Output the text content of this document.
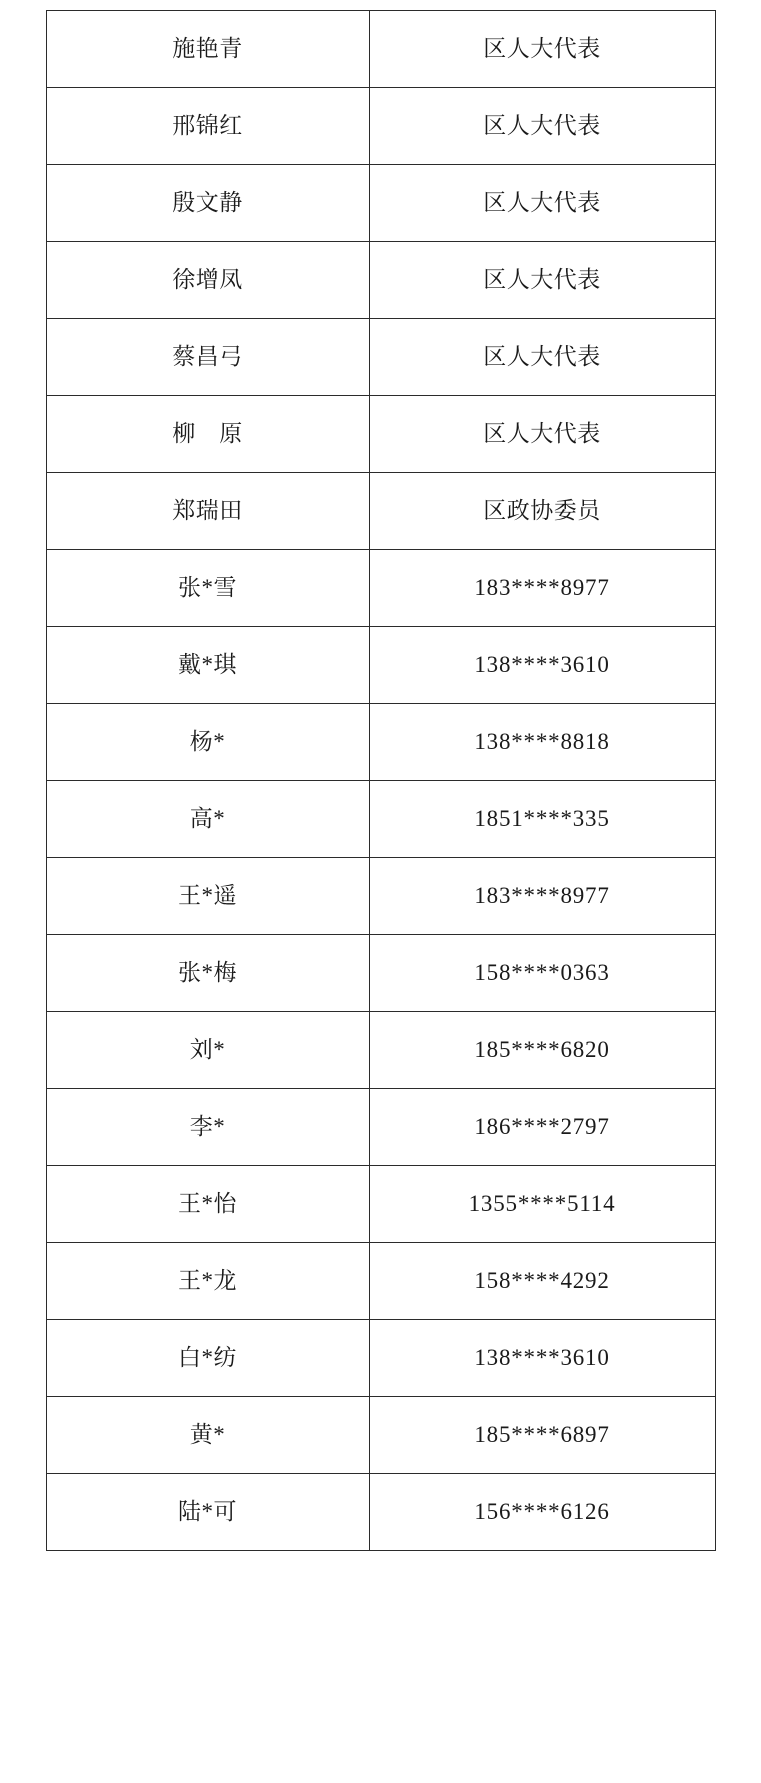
施艳青	区人大代表
邢锦红	区人大代表
殷文静	区人大代表
徐增凤	区人大代表
蔡昌弓	区人大代表
柳　原	区人大代表
郑瑞田	区政协委员
张*雪	183****8977
戴*琪	138****3610
杨*	138****8818
高*	1851****335
王*遥	183****8977
张*梅	158****0363
刘*	185****6820
李*	186****2797
王*怡	1355****5114
王*龙	158****4292
白*纺	138****3610
黄*	185****6897
陆*可	156****6126
